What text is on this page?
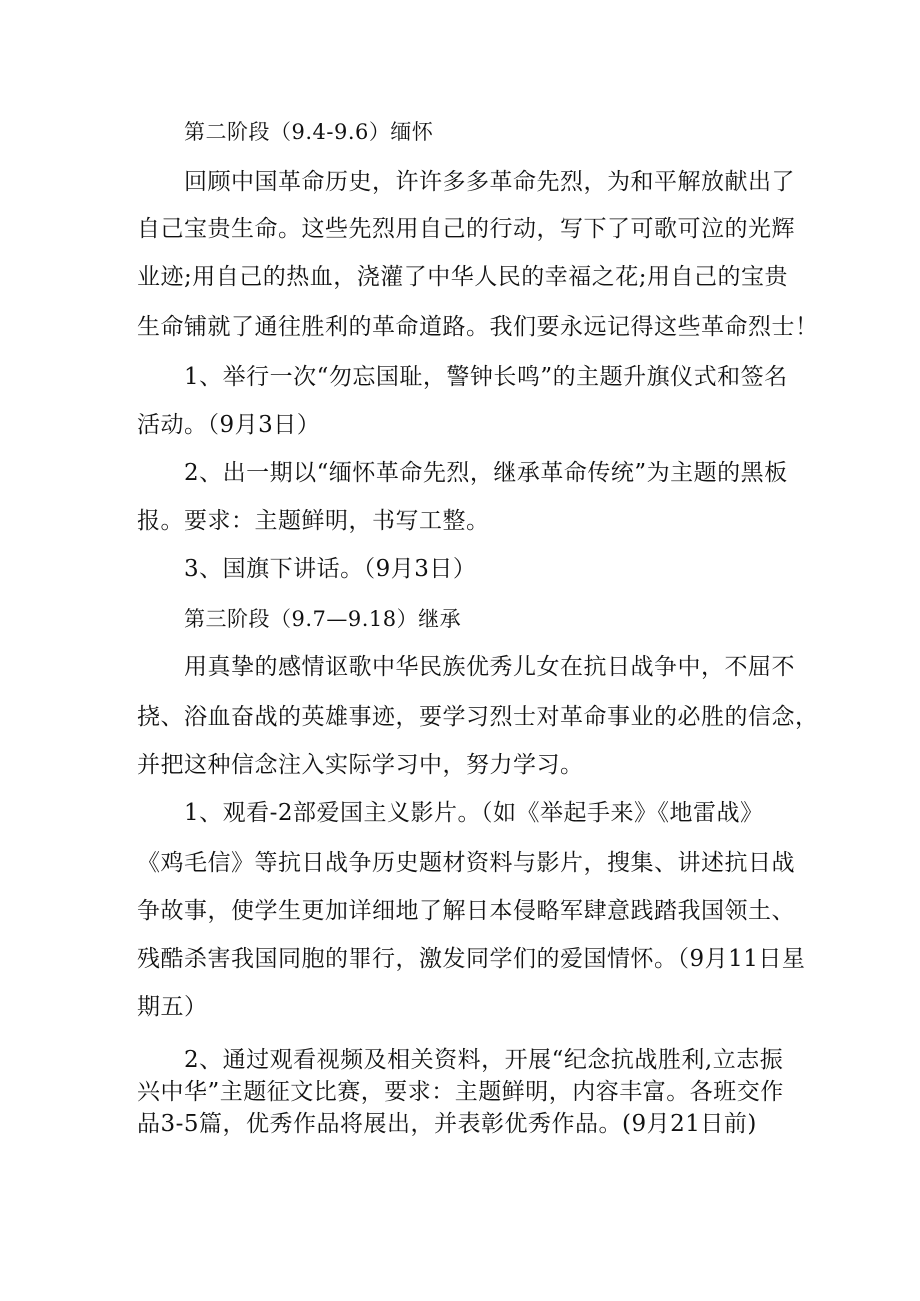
第二阶段（9.4-9.6）缅怀
回顾中国革命历史，许许多多革命先烈，为和平解放献出了
自己宝贵生命。这些先烈用自己的行动，写下了可歌可泣的光辉
业迹;用自己的热血，浇灌了中华人民的幸福之花;用自己的宝贵
生命铺就了通往胜利的革命道路。我们要永远记得这些革命烈士！
1、举行一次“勿忘国耻，警钟长鸣”的主题升旗仪式和签名
活动。（9月3日）
2、出一期以“缅怀革命先烈，继承革命传统”为主题的黑板
报。要求：主题鲜明，书写工整。
3、国旗下讲话。（9月3日）
第三阶段（9.7—9.18）继承
用真挚的感情讴歌中华民族优秀儿女在抗日战争中，不屈不
挠、浴血奋战的英雄事迹，要学习烈士对革命事业的必胜的信念，
并把这种信念注入实际学习中，努力学习。
1、观看-2部爱国主义影片。（如《举起手来》《地雷战》
《鸡毛信》等抗日战争历史题材资料与影片，搜集、讲述抗日战
争故事，使学生更加详细地了解日本侵略军肆意践踏我国领土、
残酷杀害我国同胞的罪行，激发同学们的爱国情怀。（9月11日星
期五）
2、通过观看视频及相关资料，开展“纪念抗战胜利,立志振
兴中华”主题征文比赛，要求：主题鲜明，内容丰富。各班交作
品3-5篇，优秀作品将展出，并表彰优秀作品。(9月21日前)
